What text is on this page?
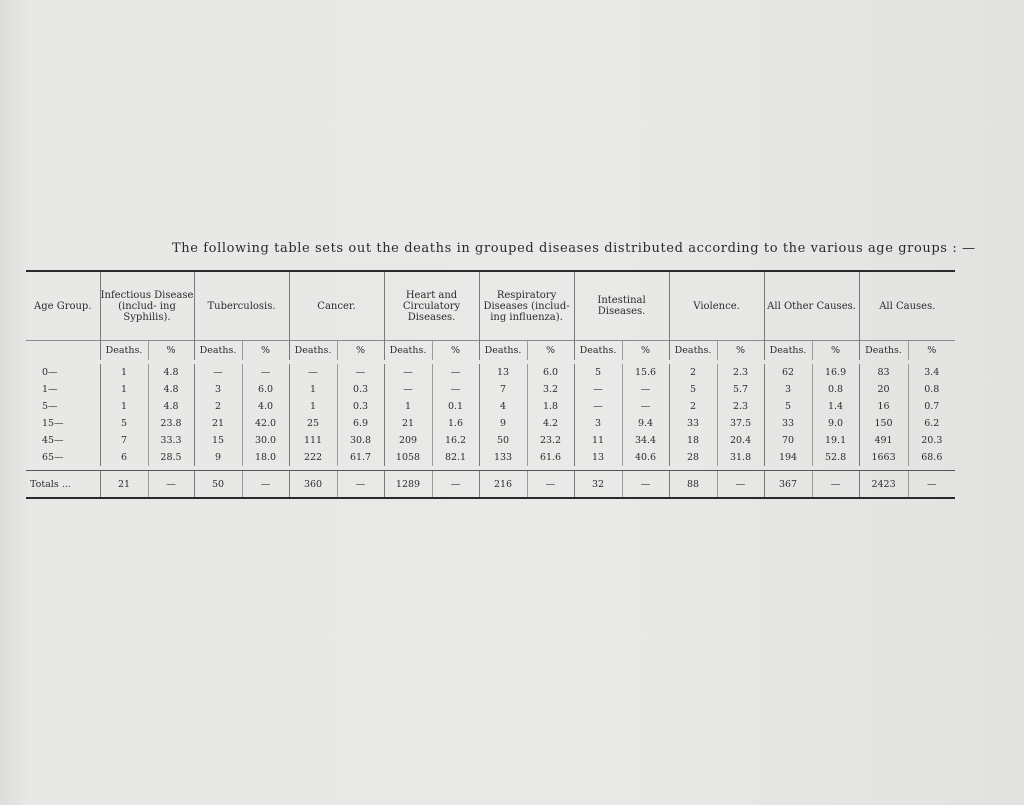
The following table sets out the deaths in grouped diseases distributed according to the various age groups : —
Age Group.	Infectious Disease (includ- ing Syphilis).		Tuberculosis.		Cancer.		Heart and Circulatory Diseases.		Respiratory Diseases (includ- ing influenza).		Intestinal Diseases.		Violence.		All Other Causes.		All Causes.	
	Deaths.	%	Deaths.	%	Deaths.	%	Deaths.	%	Deaths.	%	Deaths.	%	Deaths.	%	Deaths.	%	Deaths.	%

0—	1	4.8	—	—	—	—	—	—	13	6.0	5	15.6	2	2.3	62	16.9	83	3.4
1—	1	4.8	3	6.0	1	0.3	—	—	7	3.2	—	—	5	5.7	3	0.8	20	0.8
5—	1	4.8	2	4.0	1	0.3	1	0.1	4	1.8	—	—	2	2.3	5	1.4	16	0.7
15—	5	23.8	21	42.0	25	6.9	21	1.6	9	4.2	3	9.4	33	37.5	33	9.0	150	6.2
45—	7	33.3	15	30.0	111	30.8	209	16.2	50	23.2	11	34.4	18	20.4	70	19.1	491	20.3
65—	6	28.5	9	18.0	222	61.7	1058	82.1	133	61.6	13	40.6	28	31.8	194	52.8	1663	68.6

Totals ...	21	—	50	—	360	—	1289	—	216	—	32	—	88	—	367	—	2423	—
